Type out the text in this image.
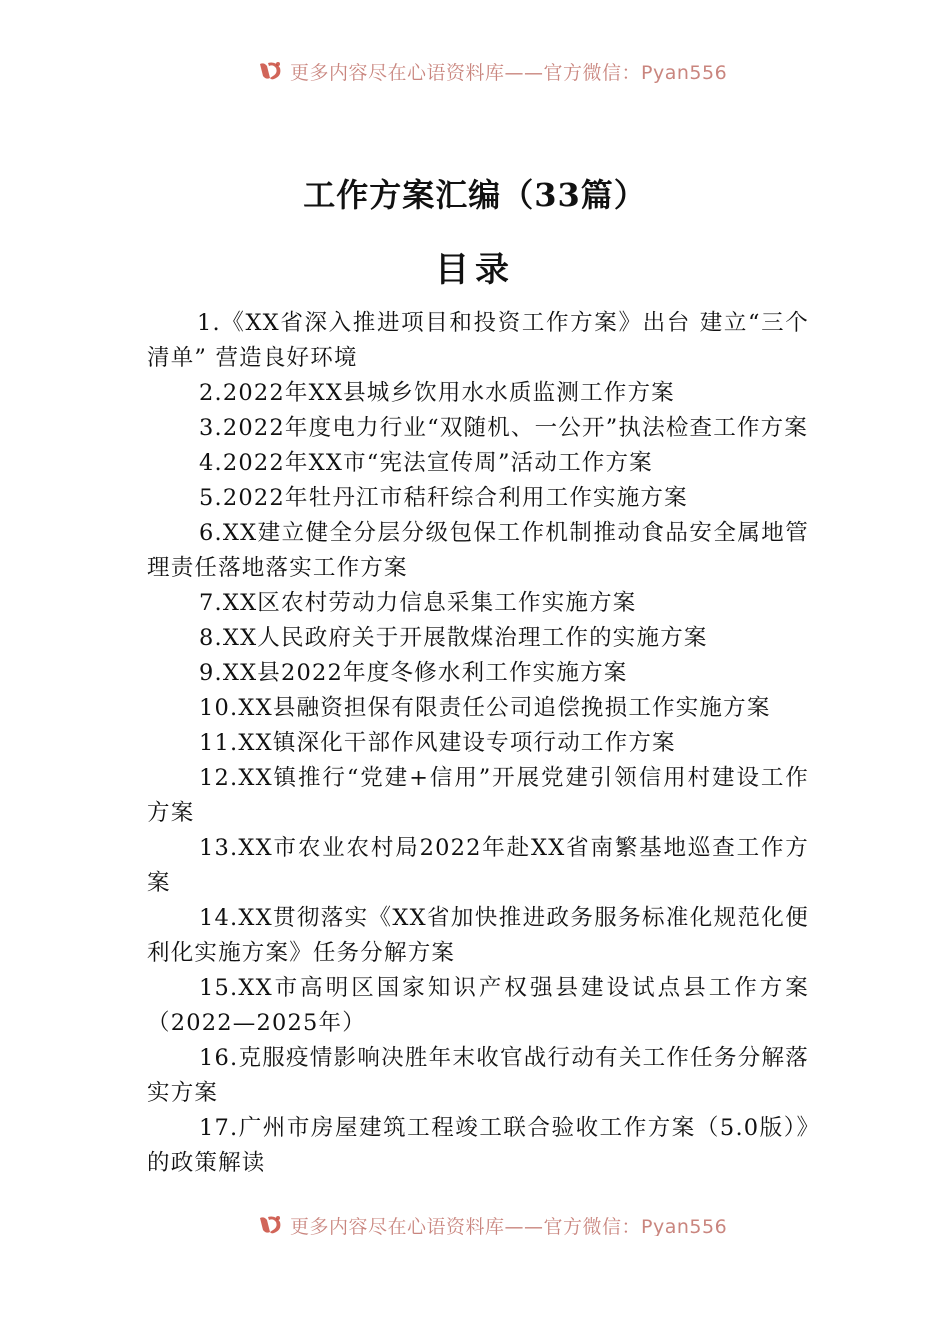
更多内容尽在心语资料库——官方微信：Pyan556
工作方案汇编（33篇）
目录
1.《XX省深入推进项目和投资工作方案》出台 建立“三个清单” 营造良好环境
2.2022年XX县城乡饮用水水质监测工作方案
3.2022年度电力行业“双随机、一公开”执法检查工作方案
4.2022年XX市“宪法宣传周”活动工作方案
5.2022年牡丹江市秸秆综合利用工作实施方案
6.XX建立健全分层分级包保工作机制推动食品安全属地管理责任落地落实工作方案
7.XX区农村劳动力信息采集工作实施方案
8.XX人民政府关于开展散煤治理工作的实施方案
9.XX县2022年度冬修水利工作实施方案
10.XX县融资担保有限责任公司追偿挽损工作实施方案
11.XX镇深化干部作风建设专项行动工作方案
12.XX镇推行“党建+信用”开展党建引领信用村建设工作方案
13.XX市农业农村局2022年赴XX省南繁基地巡查工作方案
14.XX贯彻落实《XX省加快推进政务服务标准化规范化便利化实施方案》任务分解方案
15.XX市高明区国家知识产权强县建设试点县工作方案（2022—2025年）
16.克服疫情影响决胜年末收官战行动有关工作任务分解落实方案
17.广州市房屋建筑工程竣工联合验收工作方案（5.0版）》的政策解读
更多内容尽在心语资料库——官方微信：Pyan556
